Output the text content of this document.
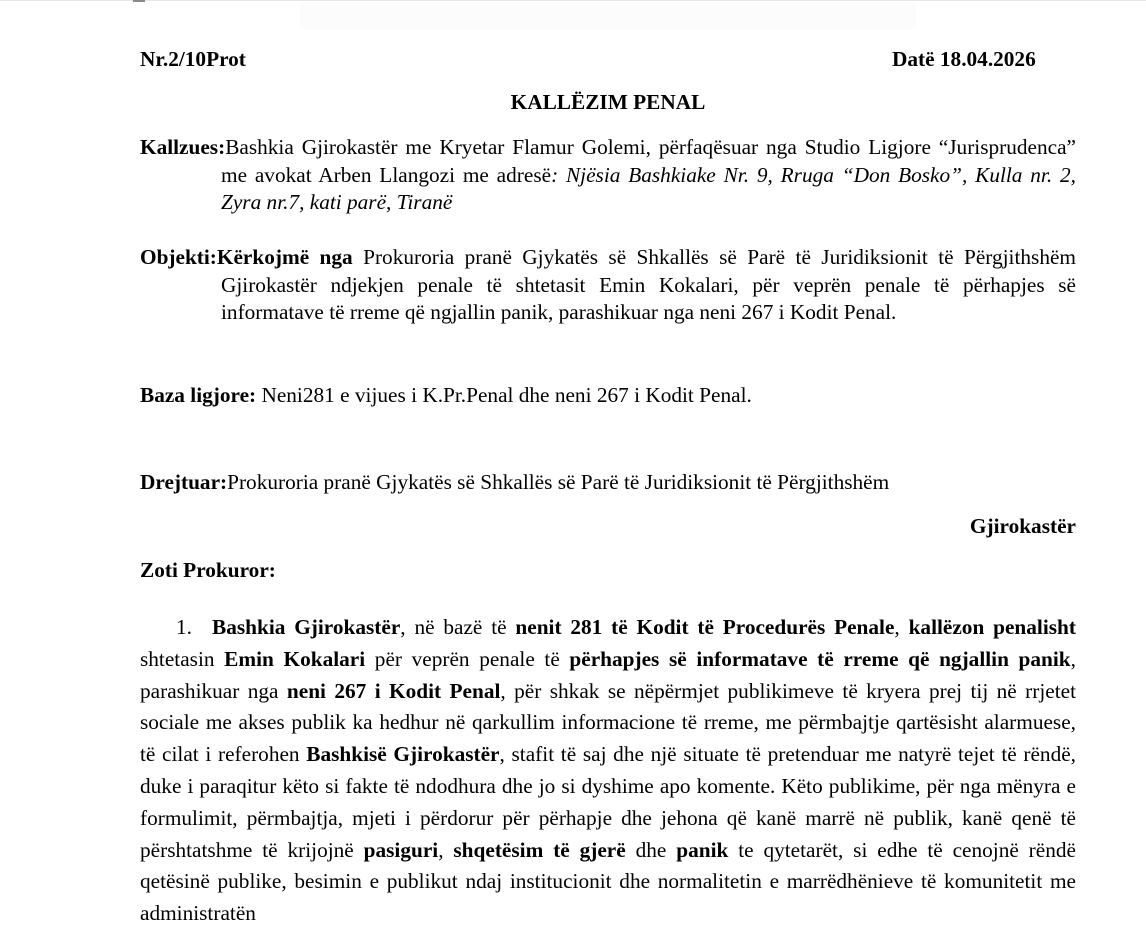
Nr.2/10Prot	Datë 18.04.2026
KALLËZIM PENAL
Kallzues:Bashkia Gjirokastër me Kryetar Flamur Golemi, përfaqësuar nga Studio Ligjore “Jurisprudenca” me avokat Arben Llangozi me adresë: Njësia Bashkiake Nr. 9, Rruga “Don Bosko”, Kulla nr. 2, Zyra nr.7, kati parë, Tiranë
Objekti:Kërkojmë nga Prokuroria pranë Gjykatës së Shkallës së Parë të Juridiksionit të Përgjithshëm Gjirokastër ndjekjen penale të shtetasit Emin Kokalari, për veprën penale të përhapjes së informatave të rreme që ngjallin panik, parashikuar nga neni 267 i Kodit Penal.
Baza ligjore: Neni281 e vijues i K.Pr.Penal dhe neni 267 i Kodit Penal.
Drejtuar:Prokuroria pranë Gjykatës së Shkallës së Parë të Juridiksionit të Përgjithshëm
Gjirokastër
Zoti Prokuror:
1. Bashkia Gjirokastër, në bazë të nenit 281 të Kodit të Procedurës Penale, kallëzon penalisht shtetasin Emin Kokalari për veprën penale të përhapjes së informatave të rreme që ngjallin panik, parashikuar nga neni 267 i Kodit Penal, për shkak se nëpërmjet publikimeve të kryera prej tij në rrjetet sociale me akses publik ka hedhur në qarkullim informacione të rreme, me përmbajtje qartësisht alarmuese, të cilat i referohen Bashkisë Gjirokastër, stafit të saj dhe një situate të pretenduar me natyrë tejet të rëndë, duke i paraqitur këto si fakte të ndodhura dhe jo si dyshime apo komente. Këto publikime, për nga mënyra e formulimit, përmbajtja, mjeti i përdorur për përhapje dhe jehona që kanë marrë në publik, kanë qenë të përshtatshme të krijojnë pasiguri, shqetësim të gjerë dhe panik te qytetarët, si edhe të cenojnë rëndë qetësinë publike, besimin e publikut ndaj institucionit dhe normalitetin e marrëdhënieve të komunitetit me administratën
